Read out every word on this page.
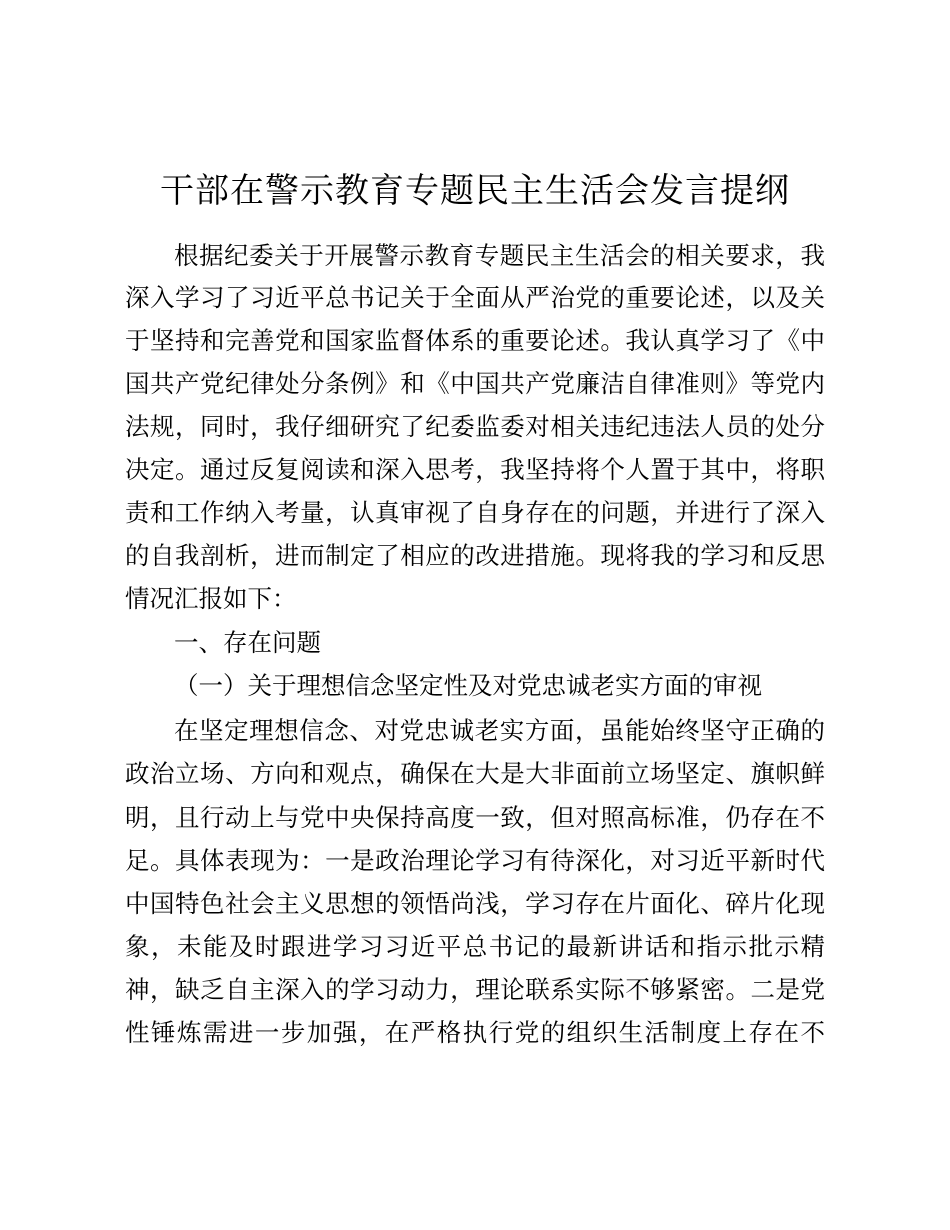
干部在警示教育专题民主生活会发言提纲
根据纪委关于开展警示教育专题民主生活会的相关要求，我
深入学习了习近平总书记关于全面从严治党的重要论述，以及关
于坚持和完善党和国家监督体系的重要论述。我认真学习了《中
国共产党纪律处分条例》和《中国共产党廉洁自律准则》等党内
法规，同时，我仔细研究了纪委监委对相关违纪违法人员的处分
决定。通过反复阅读和深入思考，我坚持将个人置于其中，将职
责和工作纳入考量，认真审视了自身存在的问题，并进行了深入
的自我剖析，进而制定了相应的改进措施。现将我的学习和反思
情况汇报如下：
一、存在问题
（一）关于理想信念坚定性及对党忠诚老实方面的审视
在坚定理想信念、对党忠诚老实方面，虽能始终坚守正确的
政治立场、方向和观点，确保在大是大非面前立场坚定、旗帜鲜
明，且行动上与党中央保持高度一致，但对照高标准，仍存在不
足。具体表现为：一是政治理论学习有待深化，对习近平新时代
中国特色社会主义思想的领悟尚浅，学习存在片面化、碎片化现
象，未能及时跟进学习习近平总书记的最新讲话和指示批示精
神，缺乏自主深入的学习动力，理论联系实际不够紧密。二是党
性锤炼需进一步加强，在严格执行党的组织生活制度上存在不
